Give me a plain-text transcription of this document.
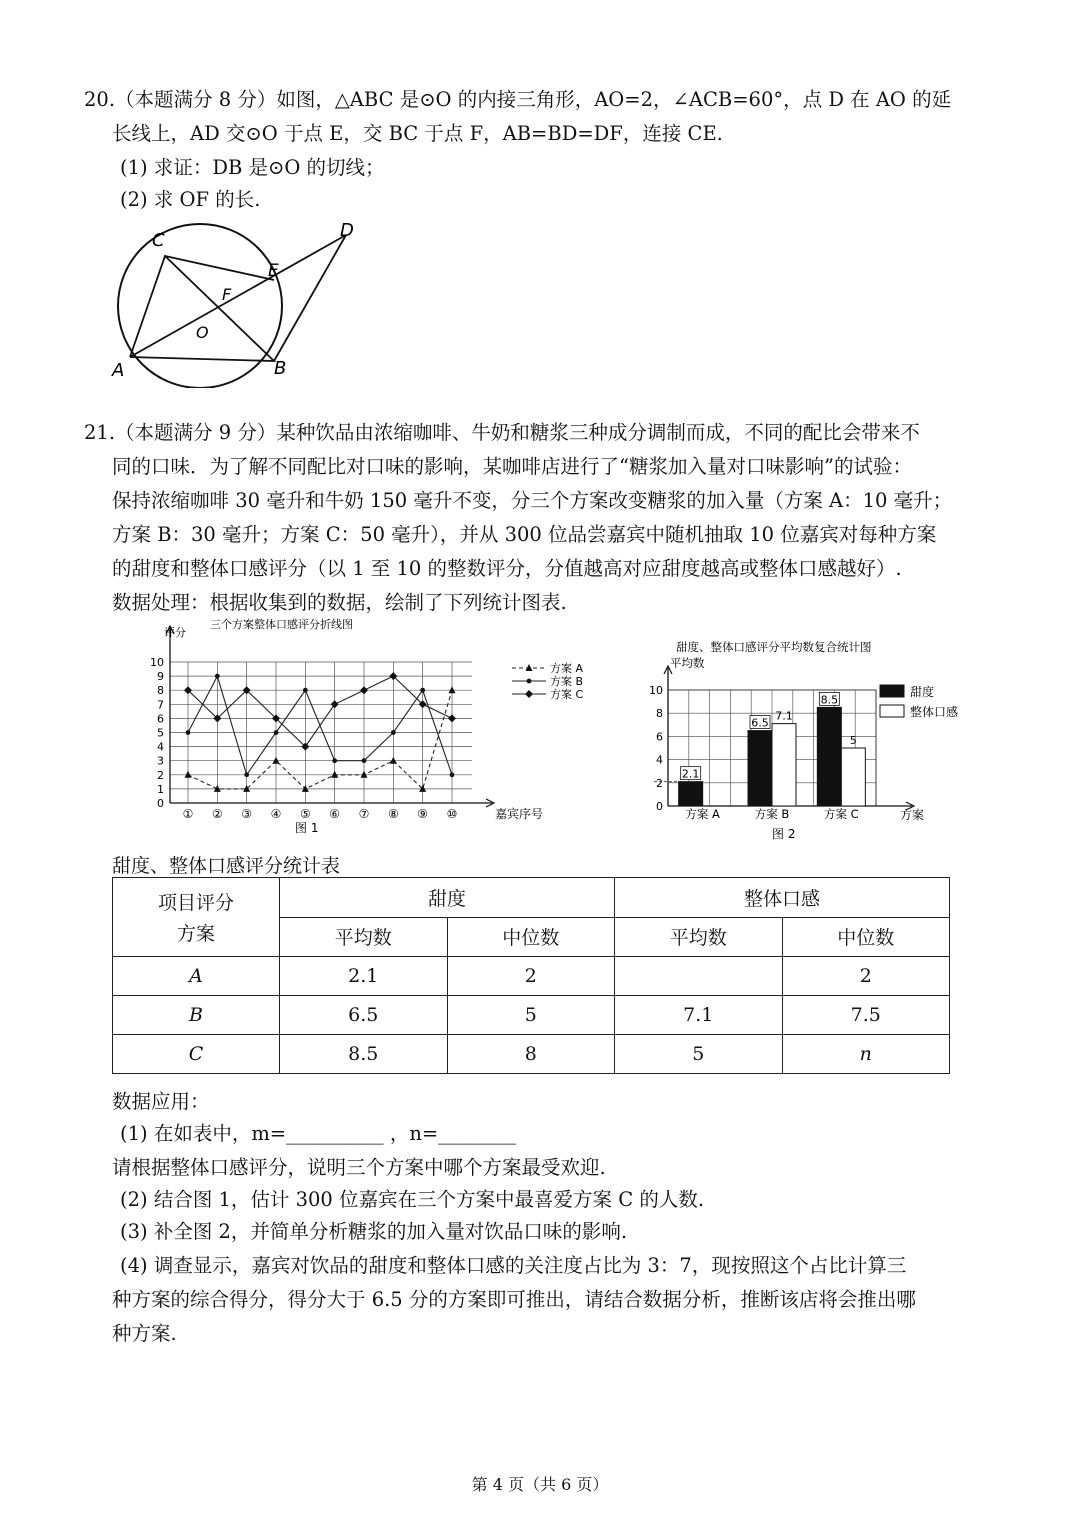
20.（本题满分 8 分）如图，△ABC 是⊙O 的内接三角形，AO=2，∠ACB=60°，点 D 在 AO 的延
长线上，AD 交⊙O 于点 E，交 BC 于点 F，AB=BD=DF，连接 CE.
(1) 求证：DB 是⊙O 的切线；
(2) 求 OF 的长.
C	D
E
F
O
A	B
21.（本题满分 9 分）某种饮品由浓缩咖啡、牛奶和糖浆三种成分调制而成，不同的配比会带来不
同的口味．为了解不同配比对口味的影响，某咖啡店进行了“糖浆加入量对口味影响”的试验：
保持浓缩咖啡 30 毫升和牛奶 150 毫升不变，分三个方案改变糖浆的加入量（方案 A：10 毫升；
方案 B：30 毫升；方案 C：50 毫升），并从 300 位品尝嘉宾中随机抽取 10 位嘉宾对每种方案
的甜度和整体口感评分（以 1 至 10 的整数评分，分值越高对应甜度越高或整体口感越好）.
数据处理：根据收集到的数据，绘制了下列统计图表.
三个方案整体口感评分折线图
评分
嘉宾序号
图 1
0
1
2
3
4
5
6
7
8
9
10
① ② ③ ④ ⑤ ⑥ ⑦ ⑧ ⑨ ⑩
方案 A
方案 B
方案 C
甜度、整体口感评分平均数复合统计图
平均数
方案
图 2
0
2
4
6
8
10
方案 A
2.1
方案 B
6.5
7.1
方案 C
8.5
5
甜度
整体口感
甜度、整体口感评分统计表
项目评分
方案	甜度		整体口感	
	平均数	中位数	平均数	中位数
A	2.1	2		2
B	6.5	5	7.1	7.5
C	8.5	8	5	n
数据应用：
(1) 在如表中，m=__________ ，n=________
请根据整体口感评分，说明三个方案中哪个方案最受欢迎.
(2) 结合图 1，估计 300 位嘉宾在三个方案中最喜爱方案 C 的人数.
(3) 补全图 2，并简单分析糖浆的加入量对饮品口味的影响.
(4) 调查显示，嘉宾对饮品的甜度和整体口感的关注度占比为 3：7，现按照这个占比计算三
种方案的综合得分，得分大于 6.5 分的方案即可推出，请结合数据分析，推断该店将会推出哪
种方案.
第 4 页（共 6 页）
